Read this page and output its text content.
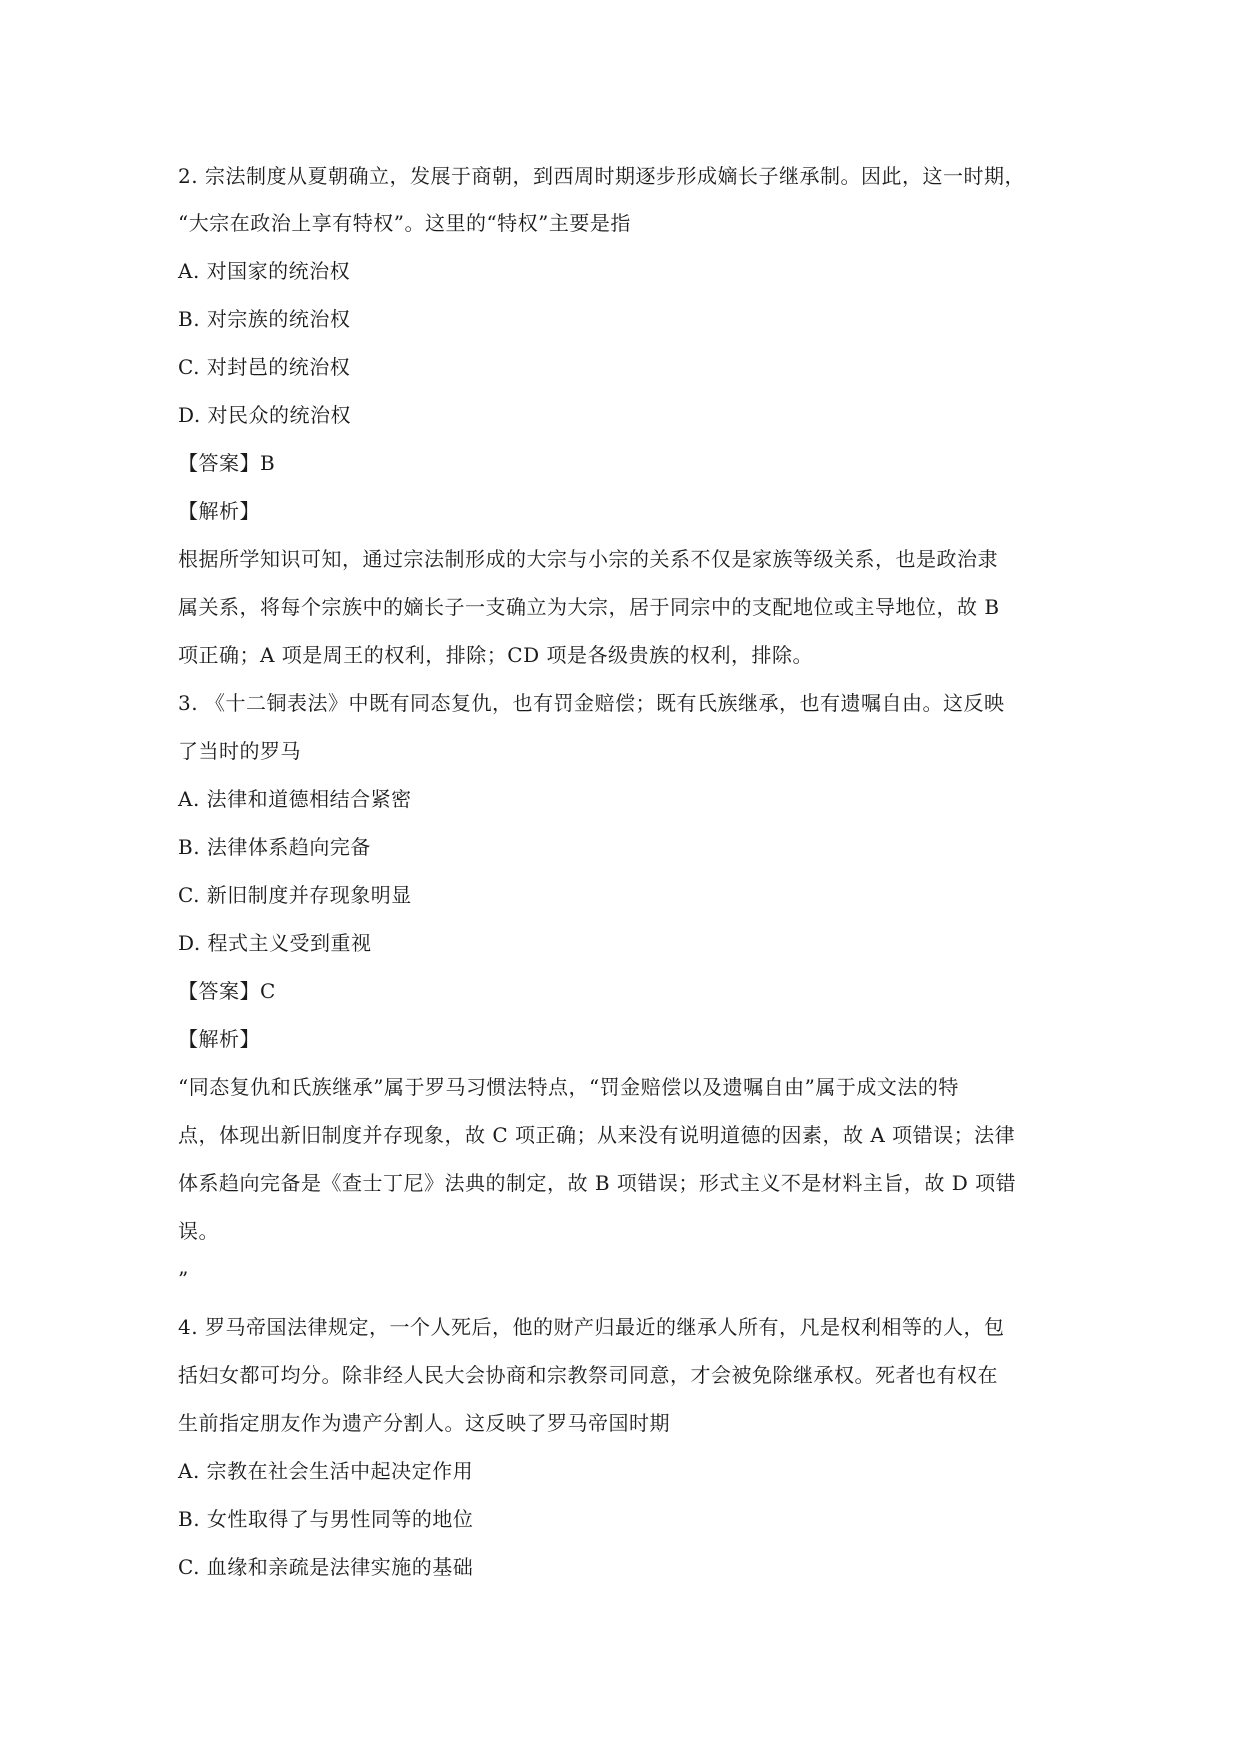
2. 宗法制度从夏朝确立，发展于商朝，到西周时期逐步形成嫡长子继承制。因此，这一时期，
“大宗在政治上享有特权”。这里的“特权”主要是指
A. 对国家的统治权
B. 对宗族的统治权
C. 对封邑的统治权
D. 对民众的统治权
【答案】B
【解析】
根据所学知识可知，通过宗法制形成的大宗与小宗的关系不仅是家族等级关系，也是政治隶
属关系，将每个宗族中的嫡长子一支确立为大宗，居于同宗中的支配地位或主导地位，故 B
项正确；A 项是周王的权利，排除；CD 项是各级贵族的权利，排除。
3. 《十二铜表法》中既有同态复仇，也有罚金赔偿；既有氏族继承，也有遗嘱自由。这反映
了当时的罗马
A. 法律和道德相结合紧密
B. 法律体系趋向完备
C. 新旧制度并存现象明显
D. 程式主义受到重视
【答案】C
【解析】
“同态复仇和氏族继承”属于罗马习惯法特点，“罚金赔偿以及遗嘱自由”属于成文法的特
点，体现出新旧制度并存现象，故 C 项正确；从来没有说明道德的因素，故 A 项错误；法律
体系趋向完备是《查士丁尼》法典的制定，故 B 项错误；形式主义不是材料主旨，故 D 项错
误。
”
4. 罗马帝国法律规定，一个人死后，他的财产归最近的继承人所有，凡是权利相等的人，包
括妇女都可均分。除非经人民大会协商和宗教祭司同意，才会被免除继承权。死者也有权在
生前指定朋友作为遗产分割人。这反映了罗马帝国时期
A. 宗教在社会生活中起决定作用
B. 女性取得了与男性同等的地位
C. 血缘和亲疏是法律实施的基础
